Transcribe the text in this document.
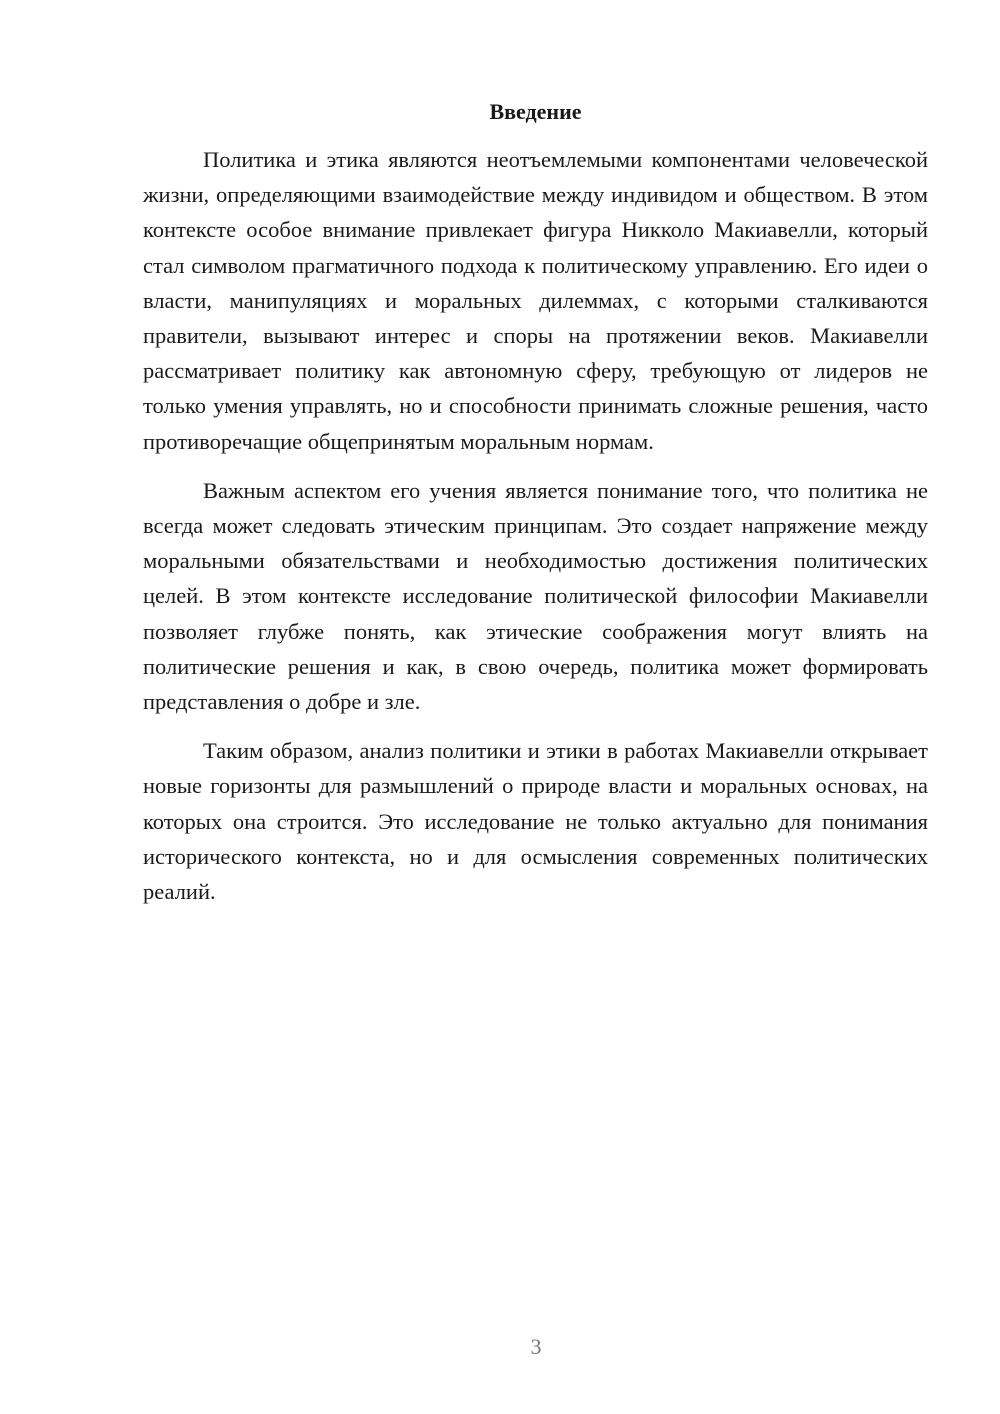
Введение

Политика и этика являются неотъемлемыми компонентами человеческой жизни, определяющими взаимодействие между индивидом и обществом. В этом контексте особое внимание привлекает фигура Никколо Макиавелли, который стал символом прагматичного подхода к политическому управлению. Его идеи о власти, манипуляциях и моральных дилеммах, с которыми сталкиваются правители, вызывают интерес и споры на протяжении веков. Макиавелли рассматривает политику как автономную сферу, требующую от лидеров не только умения управлять, но и способности принимать сложные решения, часто противоречащие общепринятым моральным нормам.

Важным аспектом его учения является понимание того, что политика не всегда может следовать этическим принципам. Это создает напряжение между моральными обязательствами и необходимостью достижения политических целей. В этом контексте исследование политической философии Макиавелли позволяет глубже понять, как этические соображения могут влиять на политические решения и как, в свою очередь, политика может формировать представления о добре и зле.

Таким образом, анализ политики и этики в работах Макиавелли открывает новые горизонты для размышлений о природе власти и моральных основах, на которых она строится. Это исследование не только актуально для понимания исторического контекста, но и для осмысления современных политических реалий.

3
